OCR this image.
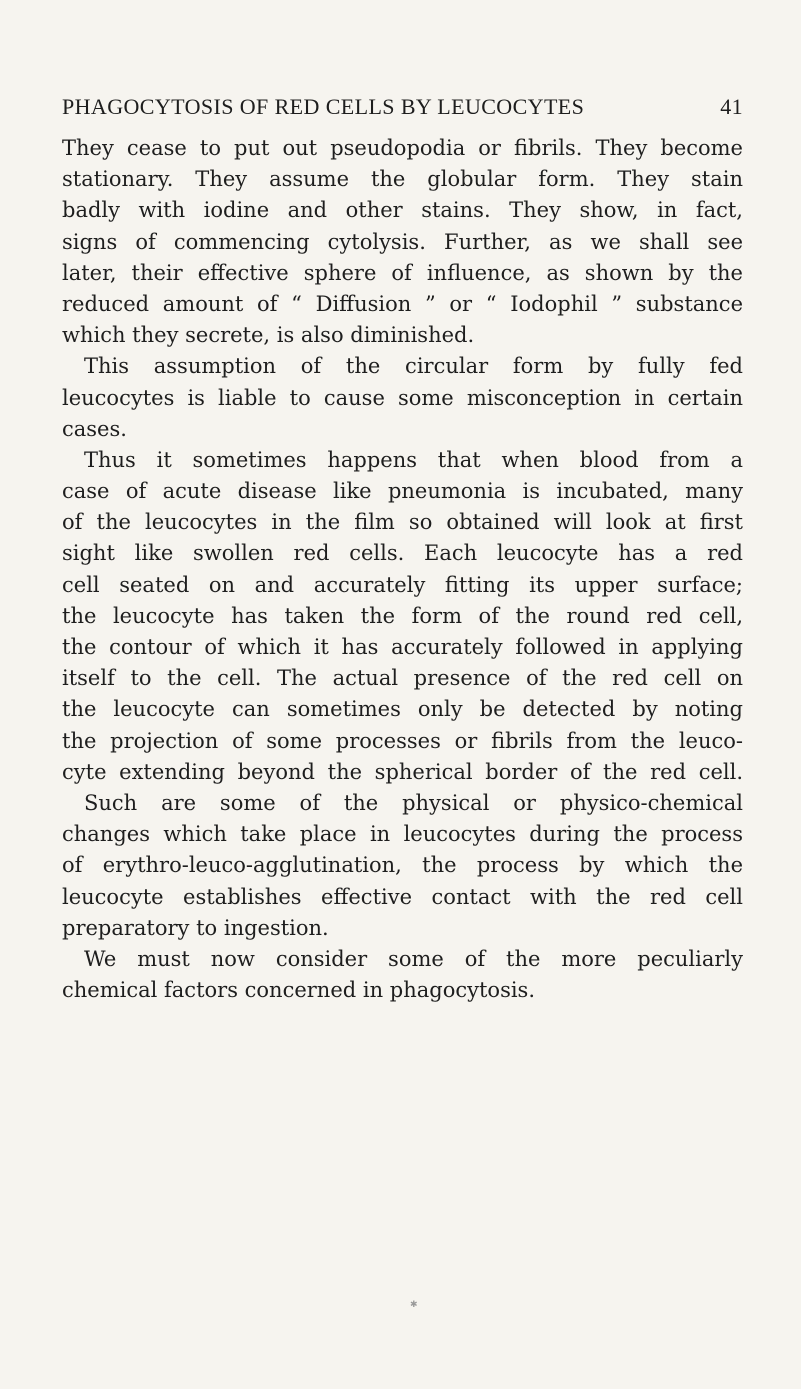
PHAGOCYTOSIS OF RED CELLS BY LEUCOCYTES	41
They cease to put out pseudopodia or fibrils. They become
stationary. They assume the globular form. They stain
badly with iodine and other stains. They show, in fact,
signs of commencing cytolysis. Further, as we shall see
later, their effective sphere of influence, as shown by the
reduced amount of “ Diffusion ” or “ Iodophil ” substance
which they secrete, is also diminished.
This assumption of the circular form by fully fed
leucocytes is liable to cause some misconception in certain
cases.
Thus it sometimes happens that when blood from a
case of acute disease like pneumonia is incubated, many
of the leucocytes in the film so obtained will look at first
sight like swollen red cells. Each leucocyte has a red
cell seated on and accurately fitting its upper surface;
the leucocyte has taken the form of the round red cell,
the contour of which it has accurately followed in applying
itself to the cell. The actual presence of the red cell on
the leucocyte can sometimes only be detected by noting
the projection of some processes or fibrils from the leuco-
cyte extending beyond the spherical border of the red cell.
Such are some of the physical or physico-chemical
changes which take place in leucocytes during the process
of erythro-leuco-agglutination, the process by which the
leucocyte establishes effective contact with the red cell
preparatory to ingestion.
We must now consider some of the more peculiarly
chemical factors concerned in phagocytosis.
✱
